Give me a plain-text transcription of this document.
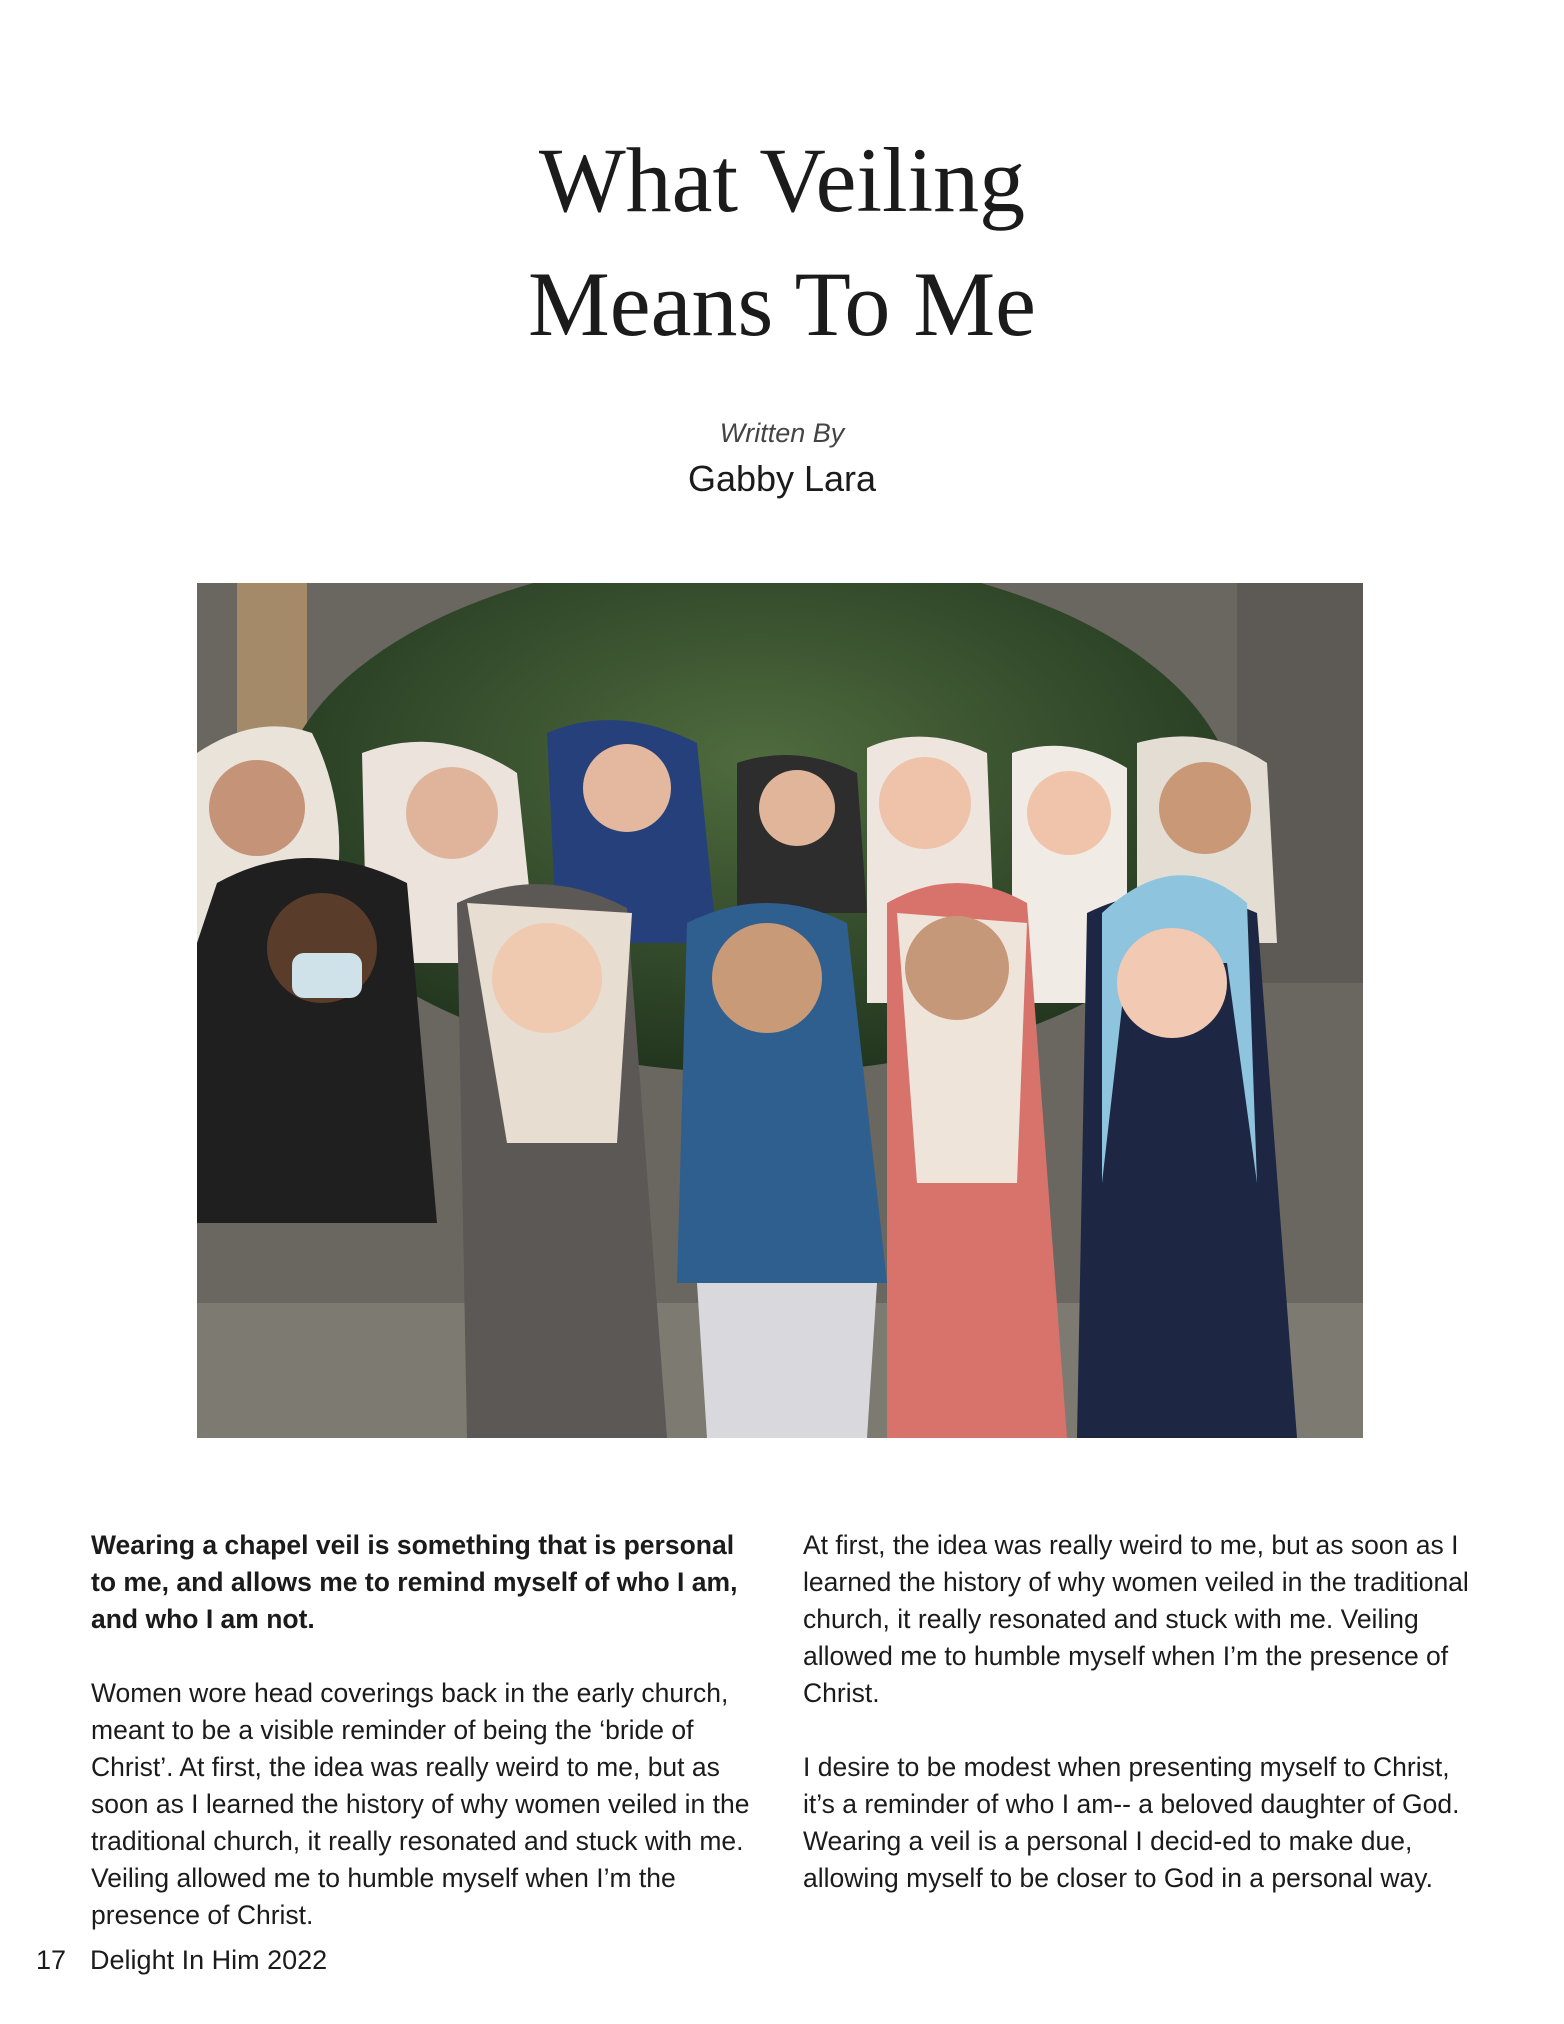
What Veiling
Means To Me
Written By
Gabby Lara

Wearing a chapel veil is something that is personal to me, and allows me to remind myself of who I am, and who I am not.

Women wore head coverings back in the early church, meant to be a visible reminder of being the ‘bride of Christ’. At first, the idea was really weird to me, but as soon as I learned the history of why women veiled in the traditional church, it really resonated and stuck with me. Veiling allowed me to humble myself when I’m the presence of Christ.

At first, the idea was really weird to me, but as soon as I learned the history of why women veiled in the traditional church, it really resonated and stuck with me. Veiling allowed me to humble myself when I’m the presence of Christ.

I desire to be modest when presenting myself to Christ, it’s a reminder of who I am-- a beloved daughter of God. Wearing a veil is a personal I decid-ed to make due, allowing myself to be closer to God in a personal way.

17 Delight In Him 2022
